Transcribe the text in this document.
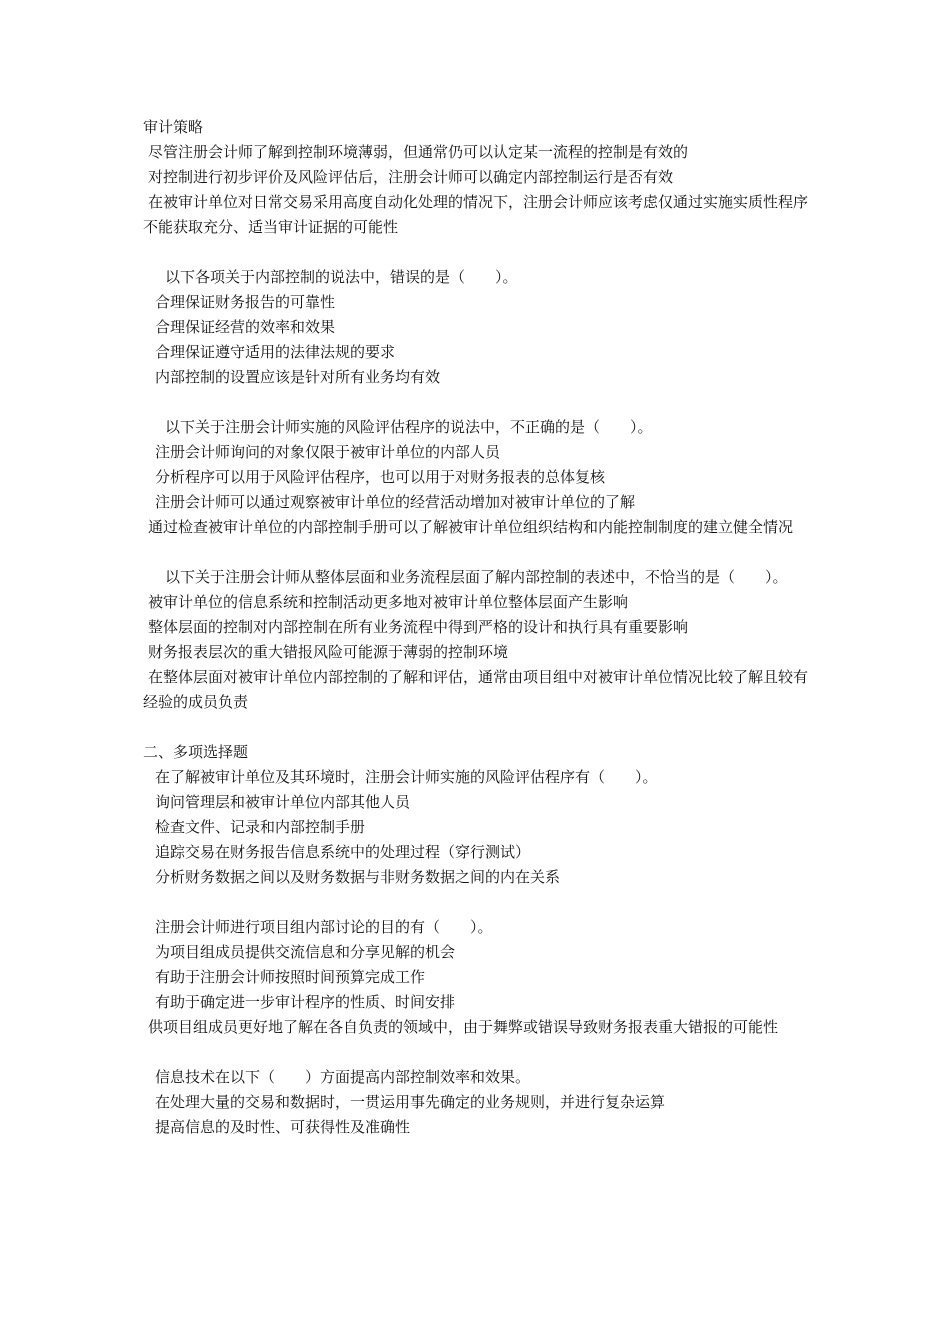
审计策略

尽管注册会计师了解到控制环境薄弱，但通常仍可以认定某一流程的控制是有效的

对控制进行初步评价及风险评估后，注册会计师可以确定内部控制运行是否有效

在被审计单位对日常交易采用高度自动化处理的情况下，注册会计师应该考虑仅通过实施实质性程序不能获取充分、适当审计证据的可能性

以下各项关于内部控制的说法中，错误的是（　　）。

合理保证财务报告的可靠性

合理保证经营的效率和效果

合理保证遵守适用的法律法规的要求

内部控制的设置应该是针对所有业务均有效

以下关于注册会计师实施的风险评估程序的说法中，不正确的是（　　）。

注册会计师询问的对象仅限于被审计单位的内部人员

分析程序可以用于风险评估程序，也可以用于对财务报表的总体复核

注册会计师可以通过观察被审计单位的经营活动增加对被审计单位的了解

通过检查被审计单位的内部控制手册可以了解被审计单位组织结构和内能控制制度的建立健全情况

以下关于注册会计师从整体层面和业务流程层面了解内部控制的表述中，不恰当的是（　　）。

被审计单位的信息系统和控制活动更多地对被审计单位整体层面产生影响

整体层面的控制对内部控制在所有业务流程中得到严格的设计和执行具有重要影响

财务报表层次的重大错报风险可能源于薄弱的控制环境

在整体层面对被审计单位内部控制的了解和评估，通常由项目组中对被审计单位情况比较了解且较有经验的成员负责

二、多项选择题

在了解被审计单位及其环境时，注册会计师实施的风险评估程序有（　　）。

询问管理层和被审计单位内部其他人员

检查文件、记录和内部控制手册

追踪交易在财务报告信息系统中的处理过程（穿行测试）

分析财务数据之间以及财务数据与非财务数据之间的内在关系

注册会计师进行项目组内部讨论的目的有（　　）。

为项目组成员提供交流信息和分享见解的机会

有助于注册会计师按照时间预算完成工作

有助于确定进一步审计程序的性质、时间安排

供项目组成员更好地了解在各自负责的领域中，由于舞弊或错误导致财务报表重大错报的可能性

信息技术在以下（　　）方面提高内部控制效率和效果。

在处理大量的交易和数据时，一贯运用事先确定的业务规则，并进行复杂运算

提高信息的及时性、可获得性及准确性
